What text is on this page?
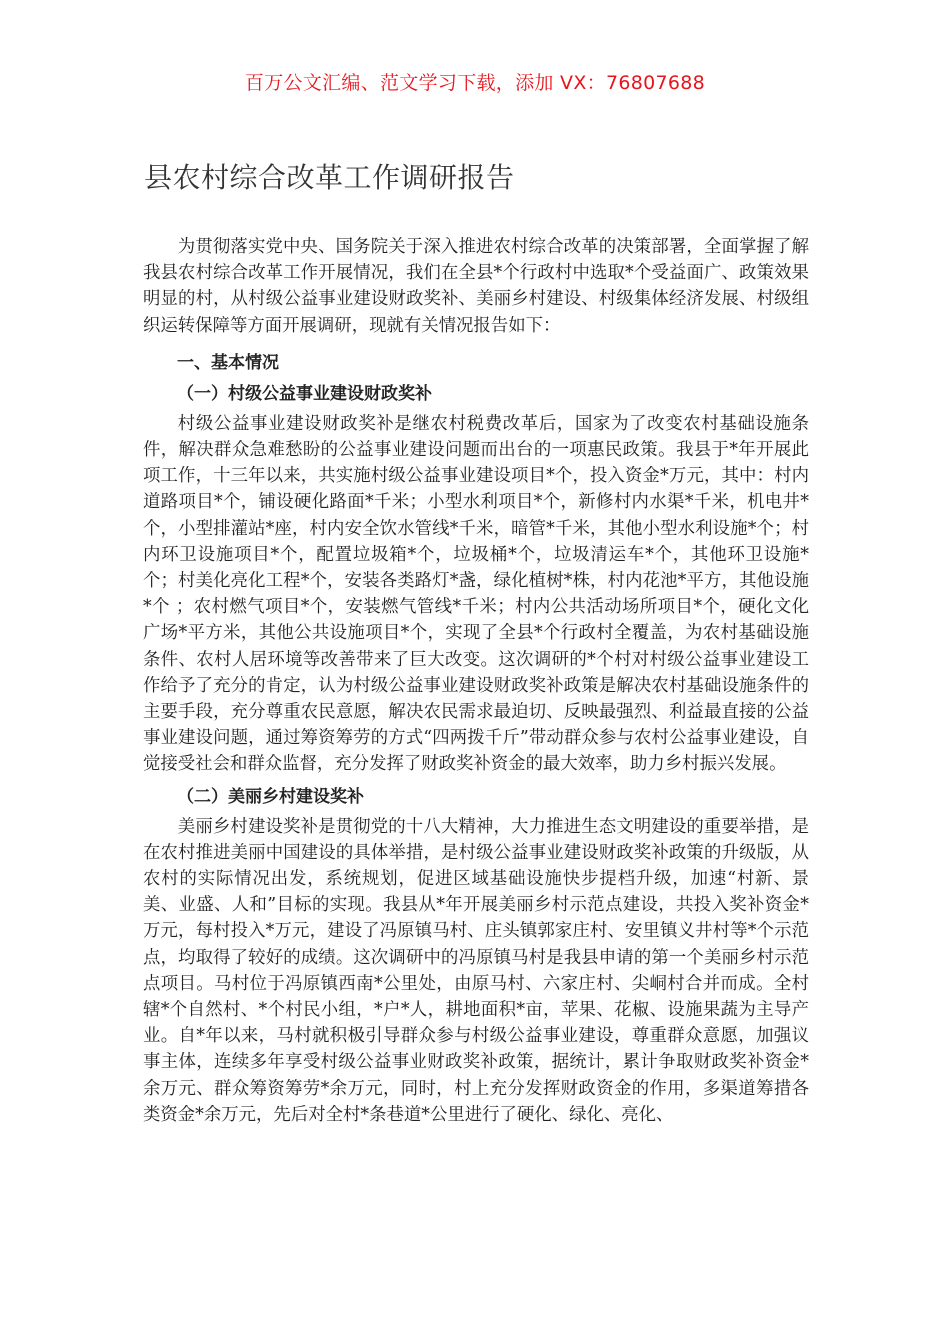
百万公文汇编、范文学习下载，添加 VX：76807688
县农村综合改革工作调研报告

为贯彻落实党中央、国务院关于深入推进农村综合改革的决策部署，全面掌握了解我县农村综合改革工作开展情况，我们在全县*个行政村中选取*个受益面广、政策效果明显的村，从村级公益事业建设财政奖补、美丽乡村建设、村级集体经济发展、村级组织运转保障等方面开展调研，现就有关情况报告如下：

一、基本情况

（一）村级公益事业建设财政奖补

村级公益事业建设财政奖补是继农村税费改革后，国家为了改变农村基础设施条件，解决群众急难愁盼的公益事业建设问题而出台的一项惠民政策。我县于*年开展此项工作，十三年以来，共实施村级公益事业建设项目*个，投入资金*万元，其中：村内道路项目*个，铺设硬化路面*千米；小型水利项目*个，新修村内水渠*千米，机电井*个，小型排灌站*座，村内安全饮水管线*千米，暗管*千米，其他小型水利设施*个；村内环卫设施项目*个，配置垃圾箱*个，垃圾桶*个，垃圾清运车*个，其他环卫设施*个；村美化亮化工程*个，安装各类路灯*盏，绿化植树*株，村内花池*平方，其他设施*个 ；农村燃气项目*个，安装燃气管线*千米；村内公共活动场所项目*个，硬化文化广场*平方米，其他公共设施项目*个，实现了全县*个行政村全覆盖，为农村基础设施条件、农村人居环境等改善带来了巨大改变。这次调研的*个村对村级公益事业建设工作给予了充分的肯定，认为村级公益事业建设财政奖补政策是解决农村基础设施条件的主要手段，充分尊重农民意愿，解决农民需求最迫切、反映最强烈、利益最直接的公益事业建设问题，通过筹资筹劳的方式“四两拨千斤”带动群众参与农村公益事业建设，自觉接受社会和群众监督，充分发挥了财政奖补资金的最大效率，助力乡村振兴发展。

（二）美丽乡村建设奖补

美丽乡村建设奖补是贯彻党的十八大精神，大力推进生态文明建设的重要举措，是在农村推进美丽中国建设的具体举措，是村级公益事业建设财政奖补政策的升级版，从农村的实际情况出发，系统规划，促进区域基础设施快步提档升级，加速“村新、景美、业盛、人和”目标的实现。我县从*年开展美丽乡村示范点建设，共投入奖补资金*万元，每村投入*万元，建设了冯原镇马村、庄头镇郭家庄村、安里镇义井村等*个示范点，均取得了较好的成绩。这次调研中的冯原镇马村是我县申请的第一个美丽乡村示范点项目。马村位于冯原镇西南*公里处，由原马村、六家庄村、尖峒村合并而成。全村辖*个自然村、*个村民小组，*户*人，耕地面积*亩，苹果、花椒、设施果蔬为主导产业。自*年以来，马村就积极引导群众参与村级公益事业建设，尊重群众意愿，加强议事主体，连续多年享受村级公益事业财政奖补政策，据统计，累计争取财政奖补资金*余万元、群众筹资筹劳*余万元，同时，村上充分发挥财政资金的作用，多渠道筹措各类资金*余万元，先后对全村*条巷道*公里进行了硬化、绿化、亮化、
